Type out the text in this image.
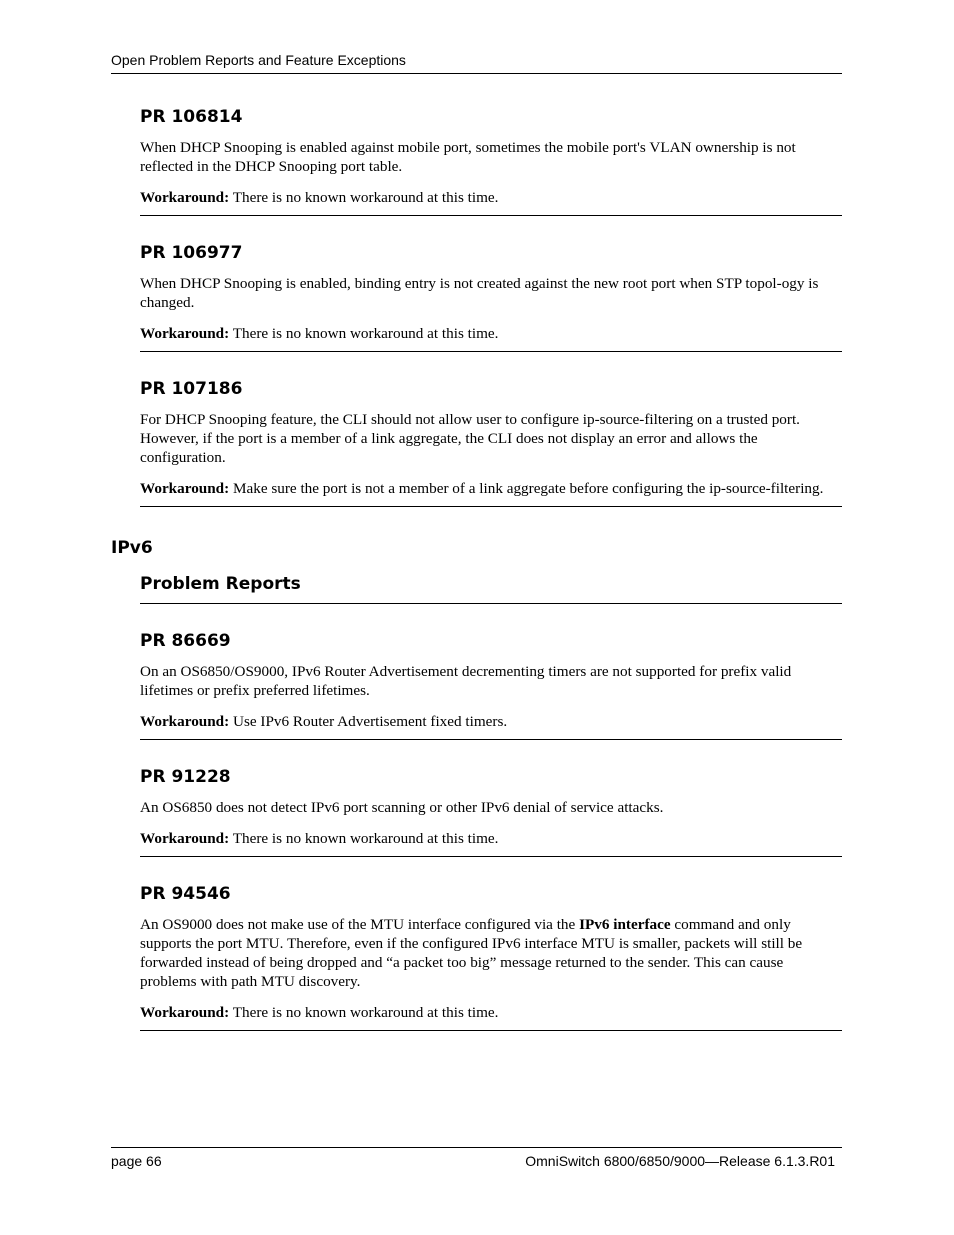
Open Problem Reports and Feature Exceptions
PR 106814

When DHCP Snooping is enabled against mobile port, sometimes the mobile port's VLAN ownership is not reflected in the DHCP Snooping port table.

Workaround: There is no known workaround at this time.

PR 106977

When DHCP Snooping is enabled, binding entry is not created against the new root port when STP topol-ogy is changed.

Workaround: There is no known workaround at this time.

PR 107186

For DHCP Snooping feature, the CLI should not allow user to configure ip-source-filtering on a trusted port. However, if the port is a member of a link aggregate, the CLI does not display an error and allows the configuration.

Workaround: Make sure the port is not a member of a link aggregate before configuring the ip-source-filtering.

IPv6
Problem Reports
PR 86669

On an OS6850/OS9000, IPv6 Router Advertisement decrementing timers are not supported for prefix valid lifetimes or prefix preferred lifetimes.

Workaround: Use IPv6 Router Advertisement fixed timers.

PR 91228

An OS6850 does not detect IPv6 port scanning or other IPv6 denial of service attacks.

Workaround: There is no known workaround at this time.

PR 94546

An OS9000 does not make use of the MTU interface configured via the IPv6 interface command and only supports the port MTU. Therefore, even if the configured IPv6 interface MTU is smaller, packets will still be forwarded instead of being dropped and “a packet too big” message returned to the sender. This can cause problems with path MTU discovery.

Workaround: There is no known workaround at this time.

page 66	OmniSwitch 6800/6850/9000—Release 6.1.3.R01
